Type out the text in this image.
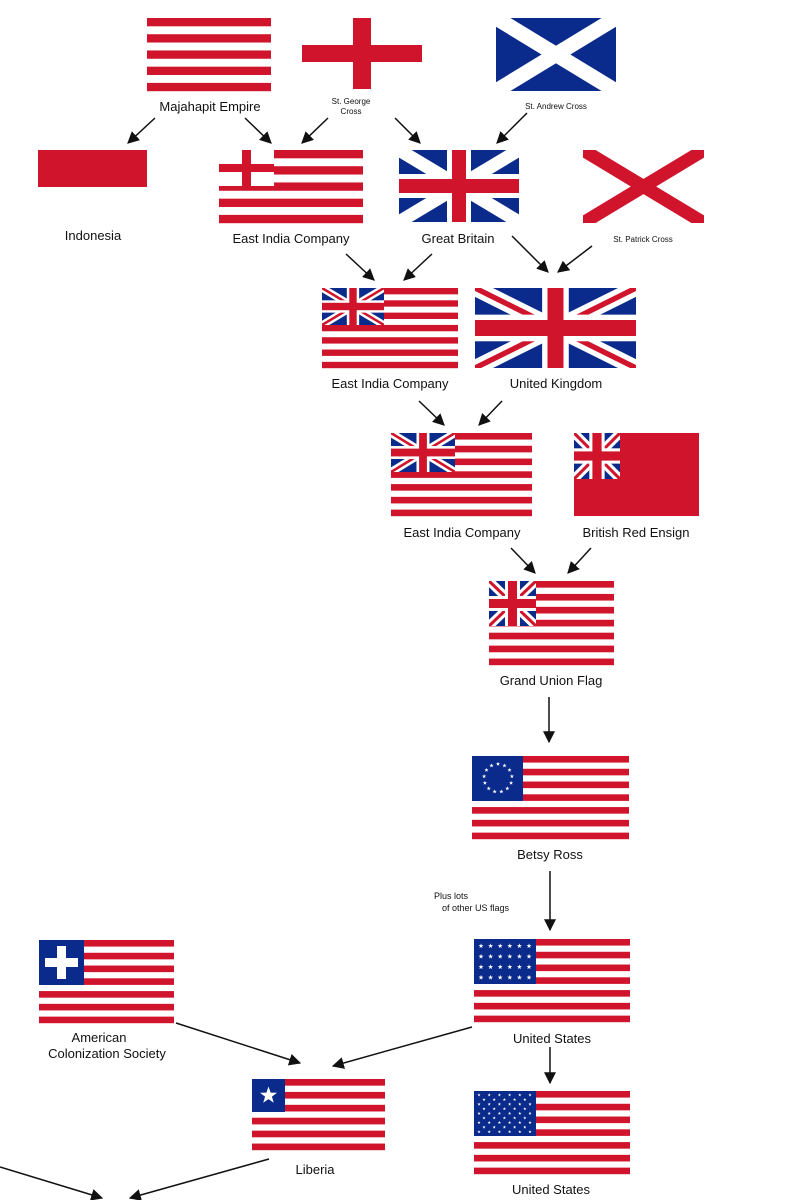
Majahapit Empire	St. George
Cross
St. Andrew Cross
Indonesia	East India Company	Great Britain	St. Patrick Cross
East India Company	United Kingdom
East India Company	British Red Ensign
Grand Union Flag
Betsy Ross
United States
American
Colonization Society
Liberia
United States
Plus lots
of other US flags
